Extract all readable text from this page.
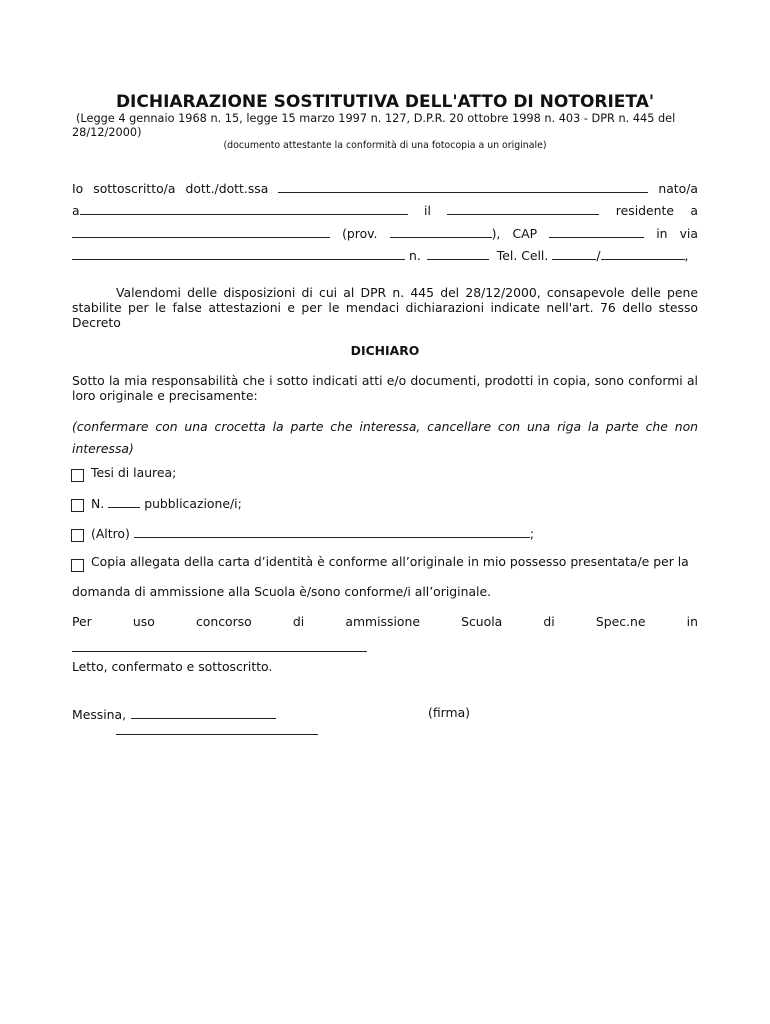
DICHIARAZIONE SOSTITUTIVA DELL'ATTO DI NOTORIETA'
(Legge 4 gennaio 1968 n. 15, legge 15 marzo 1997 n. 127, D.P.R. 20 ottobre 1998 n. 403 - DPR n. 445 del
28/12/2000)
(documento attestante la conformità di una fotocopia a un originale)
Io sottoscritto/a dott./dott.ssa	nato/a
a	il	residente a
(prov.	), CAP	in via
n.	Tel. Cell.	/	,
Valendomi delle disposizioni di cui al DPR n. 445 del 28/12/2000, consapevole delle pene stabilite per le false attestazioni e per le mendaci dichiarazioni indicate nell'art. 76 dello stesso Decreto
DICHIARO
Sotto la mia responsabilità che i sotto indicati atti e/o documenti, prodotti in copia, sono conformi al loro originale e precisamente:
(confermare con una crocetta la parte che interessa, cancellare con una riga la parte che non
interessa)
Tesi di laurea;
N.	pubblicazione/i;
(Altro)	;
Copia allegata della carta d’identità è conforme all’originale in mio possesso presentata/e per la
domanda di ammissione alla Scuola è/sono conforme/i all’originale.
Per	uso	concorso	di	ammissione	Scuola	di	Spec.ne	in
Letto, confermato e sottoscritto.
Messina,	(firma)
